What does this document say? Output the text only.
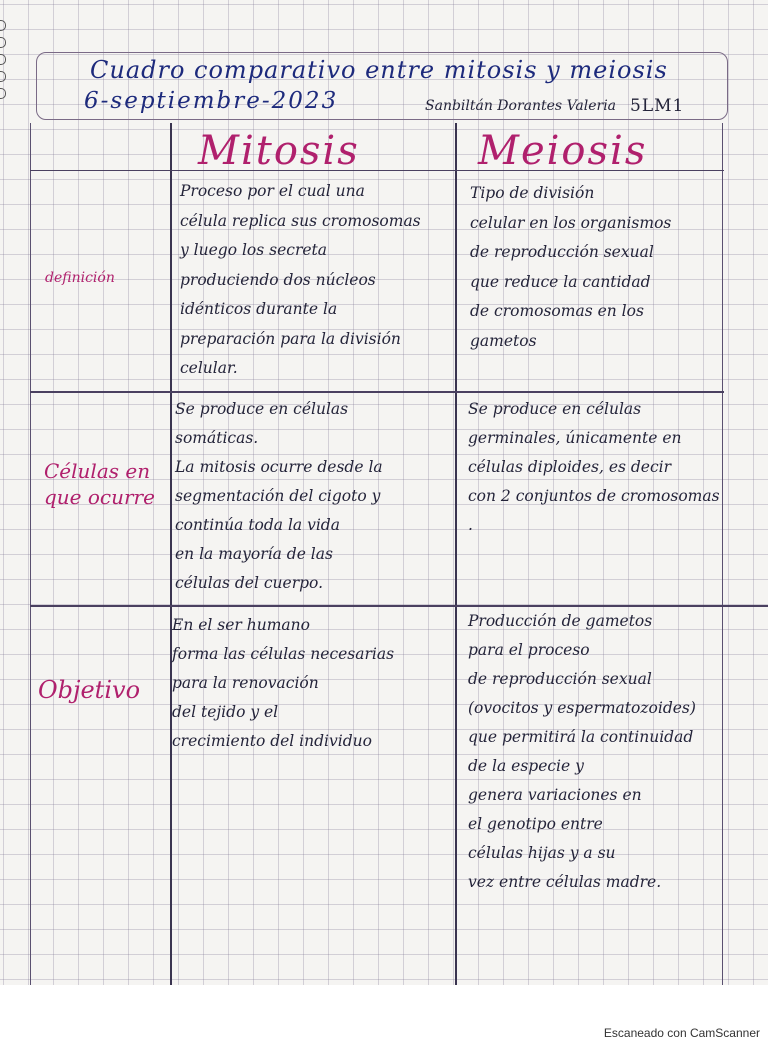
Cuadro comparativo entre mitosis y meiosis
6-septiembre-2023	Sanbiltán Dorantes Valeria 5LM1
Mitosis	Meiosis
definición
Células en que ocurre
Objetivo
Proceso por el cual una
célula replica sus cromosomas
y luego los secreta
produciendo dos núcleos
idénticos durante la
preparación para la división
celular.
Tipo de división
celular en los organismos
de reproducción sexual
que reduce la cantidad
de cromosomas en los
gametos
Se produce en células
somáticas.
La mitosis ocurre desde la
segmentación del cigoto y
continúa toda la vida
en la mayoría de las
células del cuerpo.
Se produce en células
germinales, únicamente en
células diploides, es decir
con 2 conjuntos de cromosomas
.
En el ser humano
forma las células necesarias
para la renovación
del tejido y el
crecimiento del individuo
Producción de gametos
para el proceso
de reproducción sexual
(ovocitos y espermatozoides)
que permitirá la continuidad
de la especie y
genera variaciones en
el genotipo entre
células hijas y a su
vez entre células madre.
Escaneado con CamScanner
